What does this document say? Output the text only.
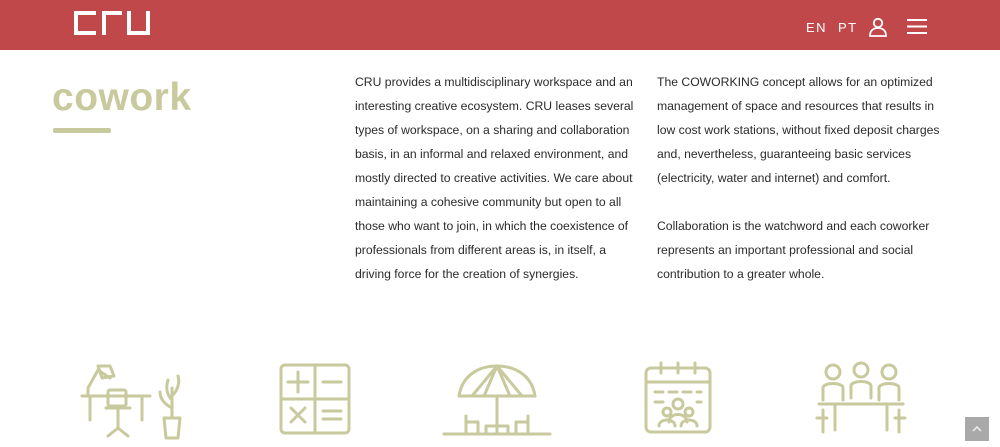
EN PT
cowork	CRU provides a multidisciplinary workspace and an interesting creative ecosystem. CRU leases several types of workspace, on a sharing and collaboration basis, in an informal and relaxed environment, and mostly directed to creative activities. We care about maintaining a cohesive community but open to all those who want to join, in which the coexistence of professionals from different areas is, in itself, a driving force for the creation of synergies.

The COWORKING concept allows for an optimized management of space and resources that results in low cost work stations, without fixed deposit charges and, nevertheless, guaranteeing basic services (electricity, water and internet) and comfort.

Collaboration is the watchword and each coworker represents an important professional and social contribution to a greater whole.
